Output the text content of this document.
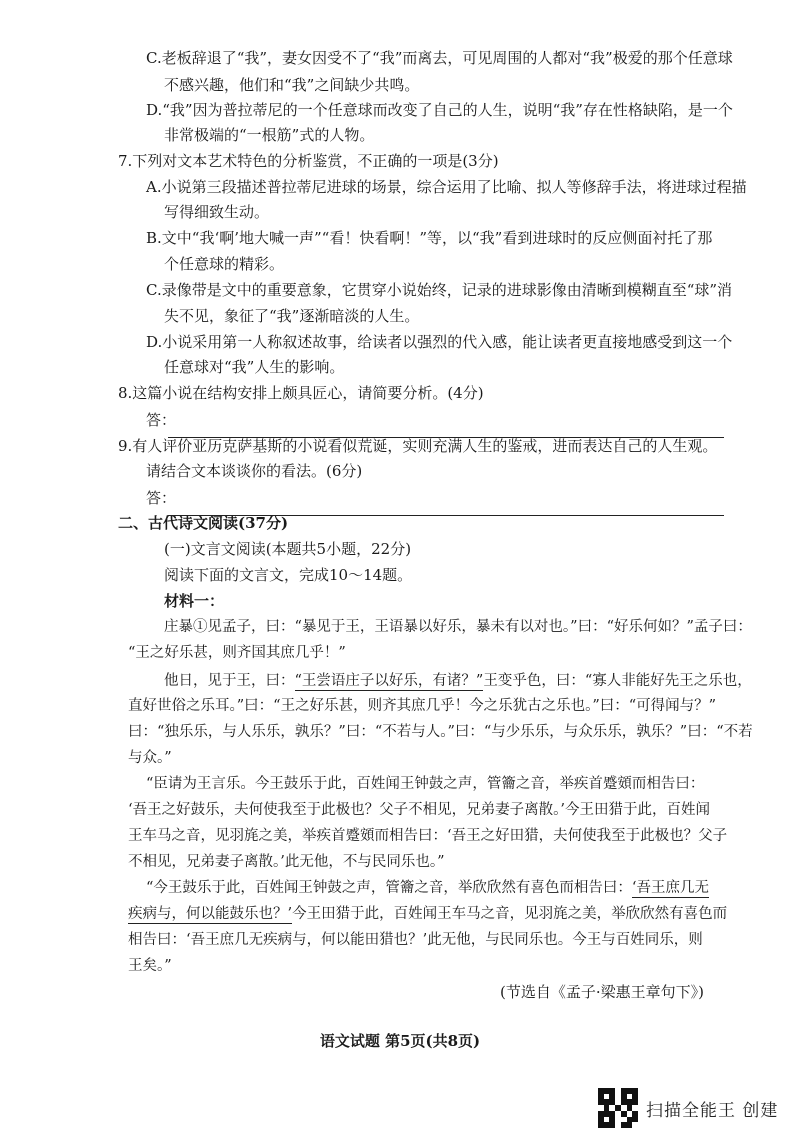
C.老板辞退了“我”，妻女因受不了“我”而离去，可见周围的人都对“我”极爱的那个任意球
不感兴趣，他们和“我”之间缺少共鸣。
D.“我”因为普拉蒂尼的一个任意球而改变了自己的人生，说明“我”存在性格缺陷，是一个
非常极端的“一根筋”式的人物。
7.下列对文本艺术特色的分析鉴赏，不正确的一项是(3分)
A.小说第三段描述普拉蒂尼进球的场景，综合运用了比喻、拟人等修辞手法，将进球过程描
写得细致生动。
B.文中“我‘啊’地大喊一声”“看！快看啊！”等，以“我”看到进球时的反应侧面衬托了那
个任意球的精彩。
C.录像带是文中的重要意象，它贯穿小说始终，记录的进球影像由清晰到模糊直至“球”消
失不见，象征了“我”逐渐暗淡的人生。
D.小说采用第一人称叙述故事，给读者以强烈的代入感，能让读者更直接地感受到这一个
任意球对“我”人生的影响。
8.这篇小说在结构安排上颇具匠心，请简要分析。(4分)
答：
9.有人评价亚历克萨基斯的小说看似荒诞，实则充满人生的鉴戒，进而表达自己的人生观。
请结合文本谈谈你的看法。(6分)
答：
二、古代诗文阅读(37分)
(一)文言文阅读(本题共5小题，22分)
阅读下面的文言文，完成10～14题。
材料一：
庄暴①见孟子，曰：“暴见于王，王语暴以好乐，暴未有以对也。”曰：“好乐何如？”孟子曰：
“王之好乐甚，则齐国其庶几乎！”
他日，见于王，曰：“王尝语庄子以好乐，有诸？”王变乎色，曰：“寡人非能好先王之乐也，
直好世俗之乐耳。”曰：“王之好乐甚，则齐其庶几乎！今之乐犹古之乐也。”曰：“可得闻与？”
曰：“独乐乐，与人乐乐，孰乐？”曰：“不若与人。”曰：“与少乐乐，与众乐乐，孰乐？”曰：“不若
与众。”
“臣请为王言乐。今王鼓乐于此，百姓闻王钟鼓之声，管籥之音，举疾首蹙頞而相告曰：
‘吾王之好鼓乐，夫何使我至于此极也？父子不相见，兄弟妻子离散。’今王田猎于此，百姓闻
王车马之音，见羽旄之美，举疾首蹙頞而相告曰：‘吾王之好田猎，夫何使我至于此极也？父子
不相见，兄弟妻子离散。’此无他，不与民同乐也。”
“今王鼓乐于此，百姓闻王钟鼓之声，管籥之音，举欣欣然有喜色而相告曰：‘吾王庶几无
疾病与，何以能鼓乐也？’今王田猎于此，百姓闻王车马之音，见羽旄之美，举欣欣然有喜色而
相告曰：‘吾王庶几无疾病与，何以能田猎也？’此无他，与民同乐也。今王与百姓同乐，则
王矣。”
(节选自《孟子·梁惠王章句下》)
语文试题 第5页(共8页)
扫描全能王 创建
